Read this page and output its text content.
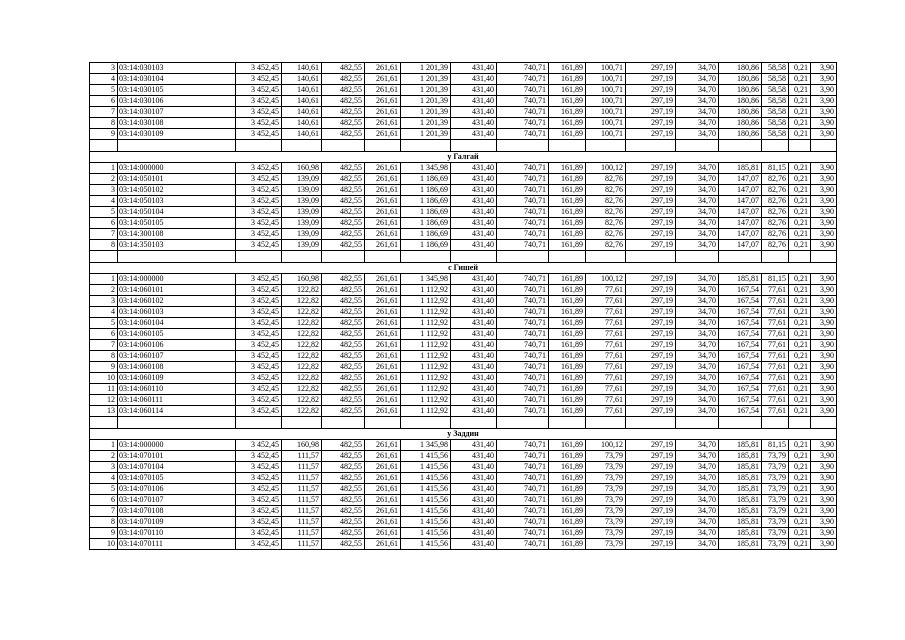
3	03:14:030103	3 452,45	140,61	482,55	261,61	1 201,39	431,40	740,71	161,89	100,71	297,19	34,70	180,86	58,58	0,21	3,90
4	03:14:030104	3 452,45	140,61	482,55	261,61	1 201,39	431,40	740,71	161,89	100,71	297,19	34,70	180,86	58,58	0,21	3,90
5	03:14:030105	3 452,45	140,61	482,55	261,61	1 201,39	431,40	740,71	161,89	100,71	297,19	34,70	180,86	58,58	0,21	3,90
6	03:14:030106	3 452,45	140,61	482,55	261,61	1 201,39	431,40	740,71	161,89	100,71	297,19	34,70	180,86	58,58	0,21	3,90
7	03:14:030107	3 452,45	140,61	482,55	261,61	1 201,39	431,40	740,71	161,89	100,71	297,19	34,70	180,86	58,58	0,21	3,90
8	03:14:030108	3 452,45	140,61	482,55	261,61	1 201,39	431,40	740,71	161,89	100,71	297,19	34,70	180,86	58,58	0,21	3,90
9	03:14:030109	3 452,45	140,61	482,55	261,61	1 201,39	431,40	740,71	161,89	100,71	297,19	34,70	180,86	58,58	0,21	3,90

у Галгай																
1	03:14:000000	3 452,45	160,98	482,55	261,61	1 345,98	431,40	740,71	161,89	100,12	297,19	34,70	185,81	81,15	0,21	3,90
2	03:14:050101	3 452,45	139,09	482,55	261,61	1 186,69	431,40	740,71	161,89	82,76	297,19	34,70	147,07	82,76	0,21	3,90
3	03:14:050102	3 452,45	139,09	482,55	261,61	1 186,69	431,40	740,71	161,89	82,76	297,19	34,70	147,07	82,76	0,21	3,90
4	03:14:050103	3 452,45	139,09	482,55	261,61	1 186,69	431,40	740,71	161,89	82,76	297,19	34,70	147,07	82,76	0,21	3,90
5	03:14:050104	3 452,45	139,09	482,55	261,61	1 186,69	431,40	740,71	161,89	82,76	297,19	34,70	147,07	82,76	0,21	3,90
6	03:14:050105	3 452,45	139,09	482,55	261,61	1 186,69	431,40	740,71	161,89	82,76	297,19	34,70	147,07	82,76	0,21	3,90
7	03:14:300108	3 452,45	139,09	482,55	261,61	1 186,69	431,40	740,71	161,89	82,76	297,19	34,70	147,07	82,76	0,21	3,90
8	03:14:350103	3 452,45	139,09	482,55	261,61	1 186,69	431,40	740,71	161,89	82,76	297,19	34,70	147,07	82,76	0,21	3,90

с Гишей																
1	03:14:000000	3 452,45	160,98	482,55	261,61	1 345,98	431,40	740,71	161,89	100,12	297,19	34,70	185,81	81,15	0,21	3,90
2	03:14:060101	3 452,45	122,82	482,55	261,61	1 112,92	431,40	740,71	161,89	77,61	297,19	34,70	167,54	77,61	0,21	3,90
3	03:14:060102	3 452,45	122,82	482,55	261,61	1 112,92	431,40	740,71	161,89	77,61	297,19	34,70	167,54	77,61	0,21	3,90
4	03:14:060103	3 452,45	122,82	482,55	261,61	1 112,92	431,40	740,71	161,89	77,61	297,19	34,70	167,54	77,61	0,21	3,90
5	03:14:060104	3 452,45	122,82	482,55	261,61	1 112,92	431,40	740,71	161,89	77,61	297,19	34,70	167,54	77,61	0,21	3,90
6	03:14:060105	3 452,45	122,82	482,55	261,61	1 112,92	431,40	740,71	161,89	77,61	297,19	34,70	167,54	77,61	0,21	3,90
7	03:14:060106	3 452,45	122,82	482,55	261,61	1 112,92	431,40	740,71	161,89	77,61	297,19	34,70	167,54	77,61	0,21	3,90
8	03:14:060107	3 452,45	122,82	482,55	261,61	1 112,92	431,40	740,71	161,89	77,61	297,19	34,70	167,54	77,61	0,21	3,90
9	03:14:060108	3 452,45	122,82	482,55	261,61	1 112,92	431,40	740,71	161,89	77,61	297,19	34,70	167,54	77,61	0,21	3,90
10	03:14:060109	3 452,45	122,82	482,55	261,61	1 112,92	431,40	740,71	161,89	77,61	297,19	34,70	167,54	77,61	0,21	3,90
11	03:14:060110	3 452,45	122,82	482,55	261,61	1 112,92	431,40	740,71	161,89	77,61	297,19	34,70	167,54	77,61	0,21	3,90
12	03:14:060111	3 452,45	122,82	482,55	261,61	1 112,92	431,40	740,71	161,89	77,61	297,19	34,70	167,54	77,61	0,21	3,90
13	03:14:060114	3 452,45	122,82	482,55	261,61	1 112,92	431,40	740,71	161,89	77,61	297,19	34,70	167,54	77,61	0,21	3,90

у Заддин																
1	03:14:000000	3 452,45	160,98	482,55	261,61	1 345,98	431,40	740,71	161,89	100,12	297,19	34,70	185,81	81,15	0,21	3,90
2	03:14:070101	3 452,45	111,57	482,55	261,61	1 415,56	431,40	740,71	161,89	73,79	297,19	34,70	185,81	73,79	0,21	3,90
3	03:14:070104	3 452,45	111,57	482,55	261,61	1 415,56	431,40	740,71	161,89	73,79	297,19	34,70	185,81	73,79	0,21	3,90
4	03:14:070105	3 452,45	111,57	482,55	261,61	1 415,56	431,40	740,71	161,89	73,79	297,19	34,70	185,81	73,79	0,21	3,90
5	03:14:070106	3 452,45	111,57	482,55	261,61	1 415,56	431,40	740,71	161,89	73,79	297,19	34,70	185,81	73,79	0,21	3,90
6	03:14:070107	3 452,45	111,57	482,55	261,61	1 415,56	431,40	740,71	161,89	73,79	297,19	34,70	185,81	73,79	0,21	3,90
7	03:14:070108	3 452,45	111,57	482,55	261,61	1 415,56	431,40	740,71	161,89	73,79	297,19	34,70	185,81	73,79	0,21	3,90
8	03:14:070109	3 452,45	111,57	482,55	261,61	1 415,56	431,40	740,71	161,89	73,79	297,19	34,70	185,81	73,79	0,21	3,90
9	03:14:070110	3 452,45	111,57	482,55	261,61	1 415,56	431,40	740,71	161,89	73,79	297,19	34,70	185,81	73,79	0,21	3,90
10	03:14:070111	3 452,45	111,57	482,55	261,61	1 415,56	431,40	740,71	161,89	73,79	297,19	34,70	185,81	73,79	0,21	3,90
